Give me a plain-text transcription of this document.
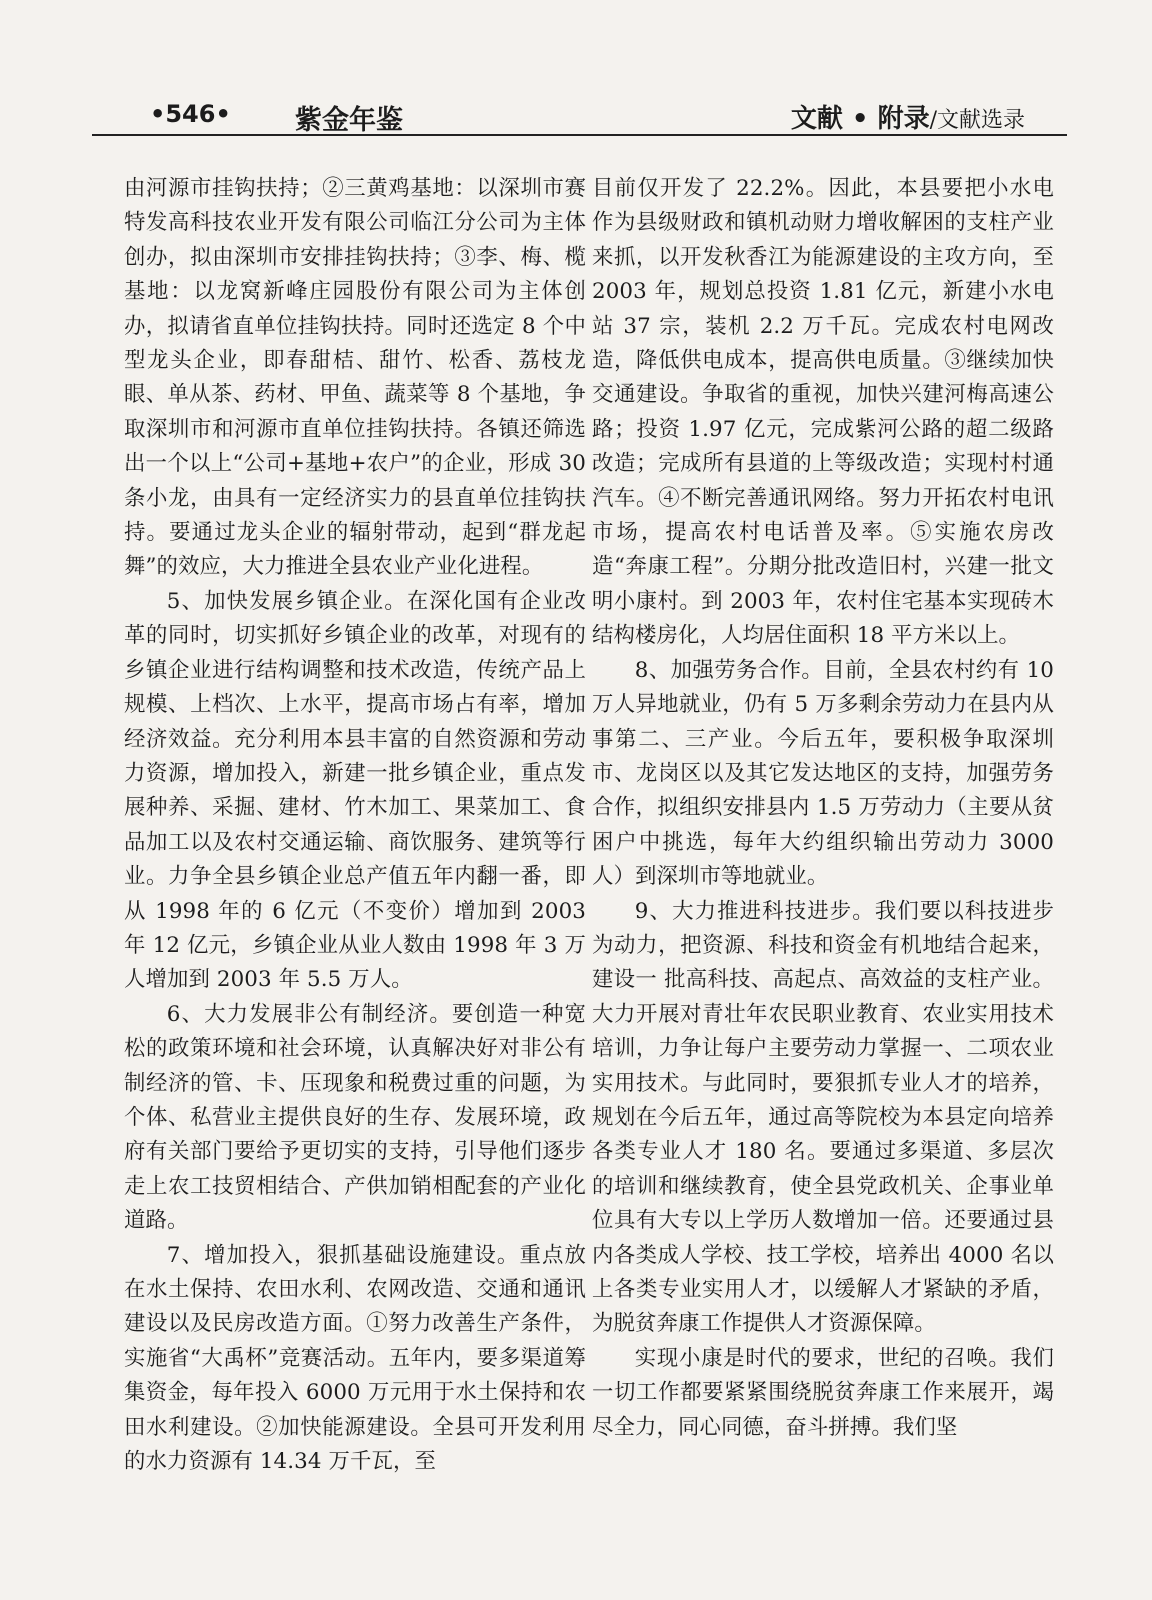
•546• 紫金年鉴	文献 • 附录/文献选录

由河源市挂钩扶持；②三黄鸡基地：以深圳市赛特发高科技农业开发有限公司临江分公司为主体创办，拟由深圳市安排挂钩扶持；③李、梅、榄基地：以龙窝新峰庄园股份有限公司为主体创办，拟请省直单位挂钩扶持。同时还选定 8 个中型龙头企业，即春甜桔、甜竹、松香、荔枝龙眼、单从茶、药材、甲鱼、蔬菜等 8 个基地，争取深圳市和河源市直单位挂钩扶持。各镇还筛选出一个以上“公司+基地+农户”的企业，形成 30 条小龙，由具有一定经济实力的县直单位挂钩扶持。要通过龙头企业的辐射带动，起到“群龙起舞”的效应，大力推进全县农业产业化进程。

5、加快发展乡镇企业。在深化国有企业改革的同时，切实抓好乡镇企业的改革，对现有的乡镇企业进行结构调整和技术改造，传统产品上规模、上档次、上水平，提高市场占有率，增加经济效益。充分利用本县丰富的自然资源和劳动力资源，增加投入，新建一批乡镇企业，重点发展种养、采掘、建材、竹木加工、果菜加工、食品加工以及农村交通运输、商饮服务、建筑等行业。力争全县乡镇企业总产值五年内翻一番，即从 1998 年的 6 亿元（不变价）增加到 2003 年 12 亿元，乡镇企业从业人数由 1998 年 3 万人增加到 2003 年 5.5 万人。

6、大力发展非公有制经济。要创造一种宽松的政策环境和社会环境，认真解决好对非公有制经济的管、卡、压现象和税费过重的问题，为个体、私营业主提供良好的生存、发展环境，政府有关部门要给予更切实的支持，引导他们逐步走上农工技贸相结合、产供加销相配套的产业化道路。

7、增加投入，狠抓基础设施建设。重点放在水土保持、农田水利、农网改造、交通和通讯建设以及民房改造方面。①努力改善生产条件，实施省“大禹杯”竞赛活动。五年内，要多渠道筹集资金，每年投入 6000 万元用于水土保持和农田水利建设。②加快能源建设。全县可开发利用的水力资源有 14.34 万千瓦，至

目前仅开发了 22.2%。因此，本县要把小水电作为县级财政和镇机动财力增收解困的支柱产业来抓，以开发秋香江为能源建设的主攻方向，至 2003 年，规划总投资 1.81 亿元，新建小水电站 37 宗，装机 2.2 万千瓦。完成农村电网改造，降低供电成本，提高供电质量。③继续加快交通建设。争取省的重视，加快兴建河梅高速公路；投资 1.97 亿元，完成紫河公路的超二级路改造；完成所有县道的上等级改造；实现村村通汽车。④不断完善通讯网络。努力开拓农村电讯市场，提高农村电话普及率。⑤实施农房改造“奔康工程”。分期分批改造旧村，兴建一批文明小康村。到 2003 年，农村住宅基本实现砖木结构楼房化，人均居住面积 18 平方米以上。

8、加强劳务合作。目前，全县农村约有 10 万人异地就业，仍有 5 万多剩余劳动力在县内从事第二、三产业。今后五年，要积极争取深圳市、龙岗区以及其它发达地区的支持，加强劳务合作，拟组织安排县内 1.5 万劳动力（主要从贫困户中挑选，每年大约组织输出劳动力 3000 人）到深圳市等地就业。

9、大力推进科技进步。我们要以科技进步为动力，把资源、科技和资金有机地结合起来，建设一 批高科技、高起点、高效益的支柱产业。大力开展对青壮年农民职业教育、农业实用技术培训，力争让每户主要劳动力掌握一、二项农业实用技术。与此同时，要狠抓专业人才的培养，规划在今后五年，通过高等院校为本县定向培养各类专业人才 180 名。要通过多渠道、多层次的培训和继续教育，使全县党政机关、企事业单位具有大专以上学历人数增加一倍。还要通过县内各类成人学校、技工学校，培养出 4000 名以上各类专业实用人才，以缓解人才紧缺的矛盾，为脱贫奔康工作提供人才资源保障。

实现小康是时代的要求，世纪的召唤。我们一切工作都要紧紧围绕脱贫奔康工作来展开，竭尽全力，同心同德，奋斗拼搏。我们坚
